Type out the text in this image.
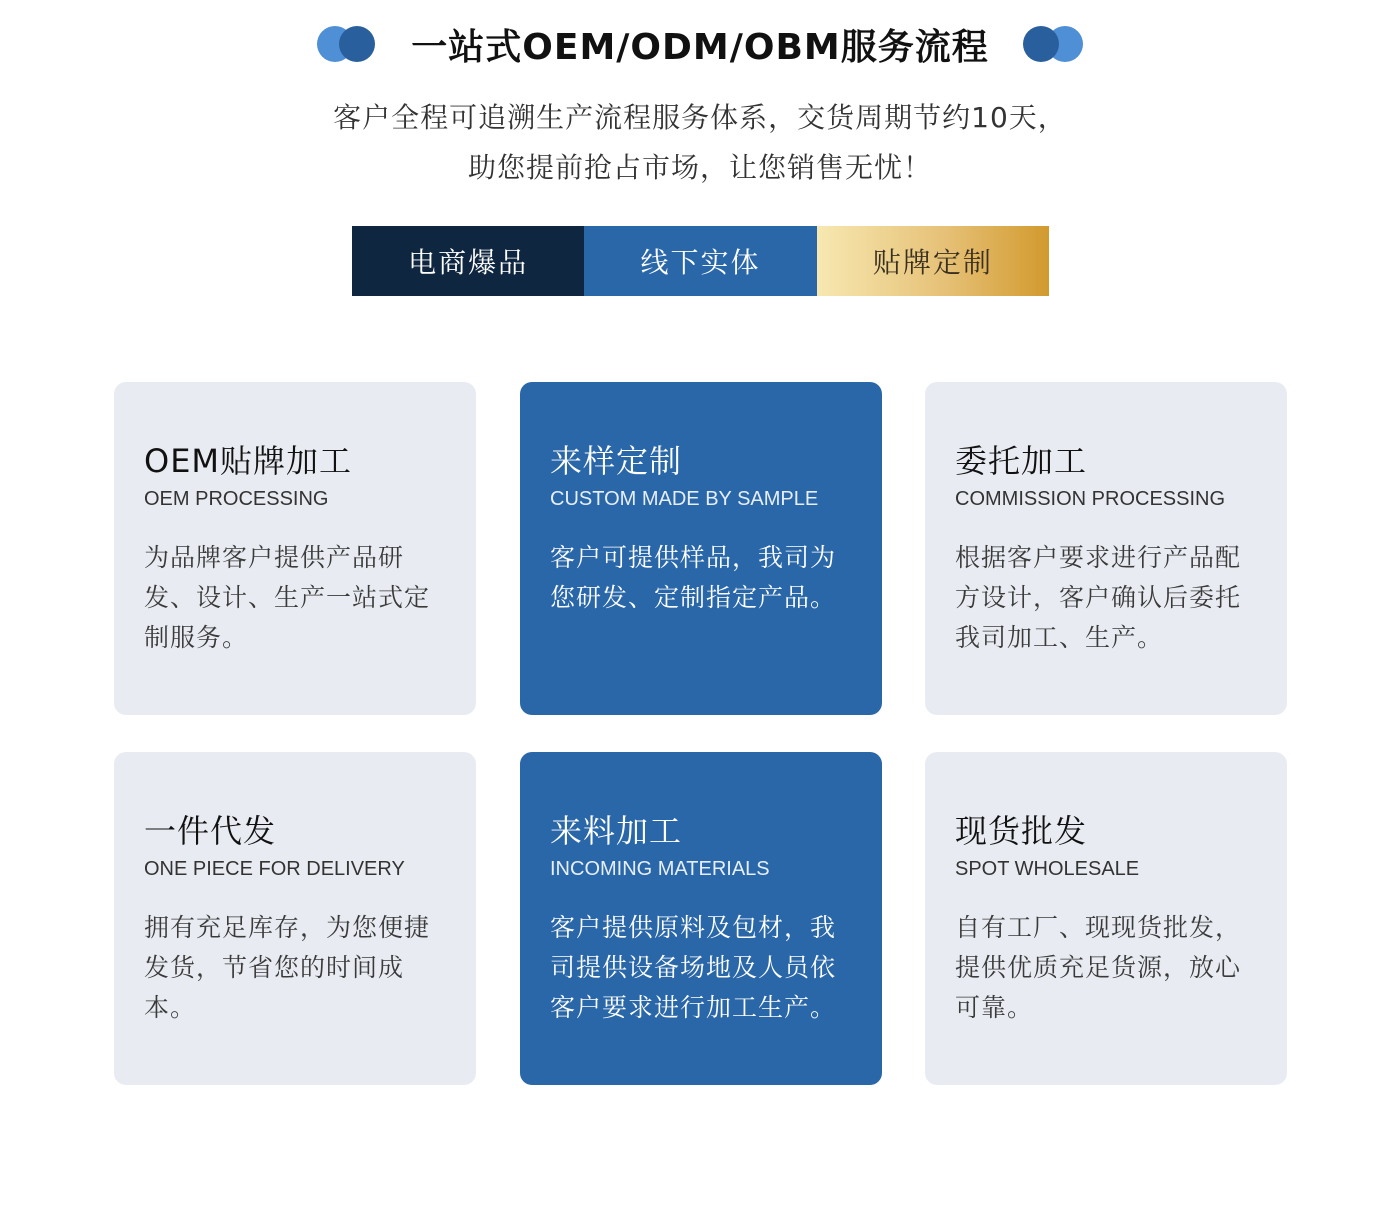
一站式OEM/ODM/OBM服务流程

客户全程可追溯生产流程服务体系，交货周期节约10天，

助您提前抢占市场，让您销售无忧！

电商爆品	线下实体	贴牌定制
OEM贴牌加工
OEM PROCESSING
为品牌客户提供产品研发、设计、生产一站式定制服务。
来样定制
CUSTOM MADE BY SAMPLE
客户可提供样品，我司为您研发、定制指定产品。
委托加工
COMMISSION PROCESSING
根据客户要求进行产品配方设计，客户确认后委托我司加工、生产。
一件代发
ONE PIECE FOR DELIVERY
拥有充足库存，为您便捷发货，节省您的时间成本。
来料加工
INCOMING MATERIALS
客户提供原料及包材，我司提供设备场地及人员依客户要求进行加工生产。
现货批发
SPOT WHOLESALE
自有工厂、现现货批发，提供优质充足货源，放心可靠。
